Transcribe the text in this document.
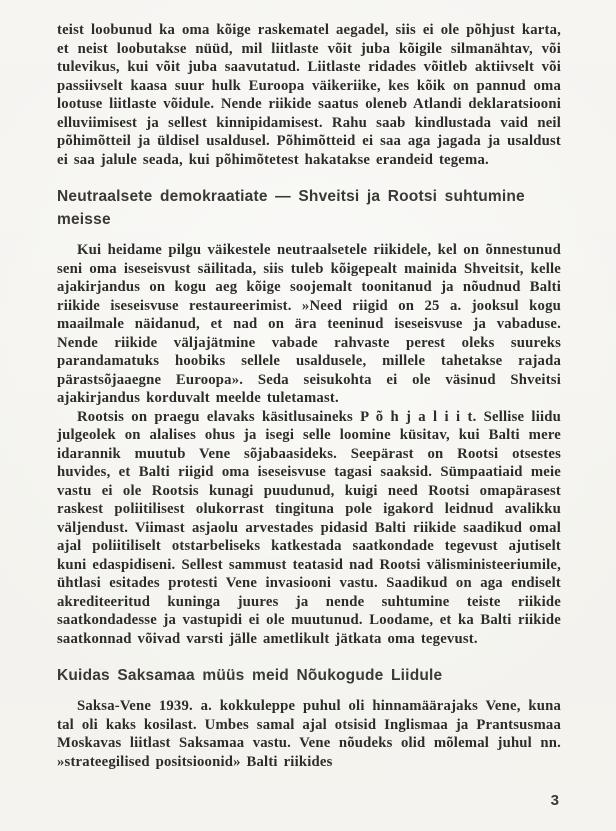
teist loobunud ka oma kõige raskematel aegadel, siis ei ole põhjust karta, et neist loobutakse nüüd, mil liitlaste võit juba kõigile silmanähtav, või tulevikus, kui võit juba saavutatud. Liitlaste ridades võitleb aktiivselt või passiivselt kaasa suur hulk Euroopa väikeriike, kes kõik on pannud oma lootuse liitlaste võidule. Nende riikide saatus oleneb Atlandi deklaratsiooni elluviimisest ja sellest kinnipidamisest. Rahu saab kindlustada vaid neil põhimõtteil ja üldisel usaldusel. Põhimõtteid ei saa aga jagada ja usaldust ei saa jalule seada, kui põhimõtetest hakatakse erandeid tegema.

Neutraalsete demokraatiate — Shveitsi ja Rootsi suhtumine meisse

Kui heidame pilgu väikestele neutraalsetele riikidele, kel on õnnestunud seni oma iseseisvust säilitada, siis tuleb kõigepealt mainida Shveitsit, kelle ajakirjandus on kogu aeg kõige soojemalt toonitanud ja nõudnud Balti riikide iseseisvuse restaureerimist. »Need riigid on 25 a. jooksul kogu maailmale näidanud, et nad on ära teeninud iseseisvuse ja vabaduse. Nende riikide väljajätmine vabade rahvaste perest oleks suureks parandamatuks hoobiks sellele usaldusele, millele tahetakse rajada pärastsõjaaegne Euroopa». Seda seisukohta ei ole väsinud Shveitsi ajakirjandus korduvalt meelde tuletamast.

Rootsis on praegu elavaks käsitlusaineks P õ h j a l i i t. Sellise liidu julgeolek on alalises ohus ja isegi selle loomine küsitav, kui Balti mere idarannik muutub Vene sõjabaasideks. Seepärast on Rootsi otsestes huvides, et Balti riigid oma iseseisvuse tagasi saaksid. Sümpaatiaid meie vastu ei ole Rootsis kunagi puudunud, kuigi need Rootsi omapärasest raskest poliitilisest olukorrast tingituna pole igakord leidnud avalikku väljendust. Viimast asjaolu arvestades pidasid Balti riikide saadikud omal ajal poliitiliselt otstarbeliseks katkestada saatkondade tegevust ajutiselt kuni edaspidiseni. Sellest sammust teatasid nad Rootsi välisministeeriumile, ühtlasi esitades protesti Vene invasiooni vastu. Saadikud on aga endiselt akrediteeritud kuninga juures ja nende suhtumine teiste riikide saatkondadesse ja vastupidi ei ole muutunud. Loodame, et ka Balti riikide saatkonnad võivad varsti jälle ametlikult jätkata oma tegevust.

Kuidas Saksamaa müüs meid Nõukogude Liidule

Saksa-Vene 1939. a. kokkuleppe puhul oli hinnamäärajaks Vene, kuna tal oli kaks kosilast. Umbes samal ajal otsisid Inglismaa ja Prantsusmaa Moskavas liitlast Saksamaa vastu. Vene nõudeks olid mõlemal juhul nn. »strateegilised positsioonid» Balti riikides

3
